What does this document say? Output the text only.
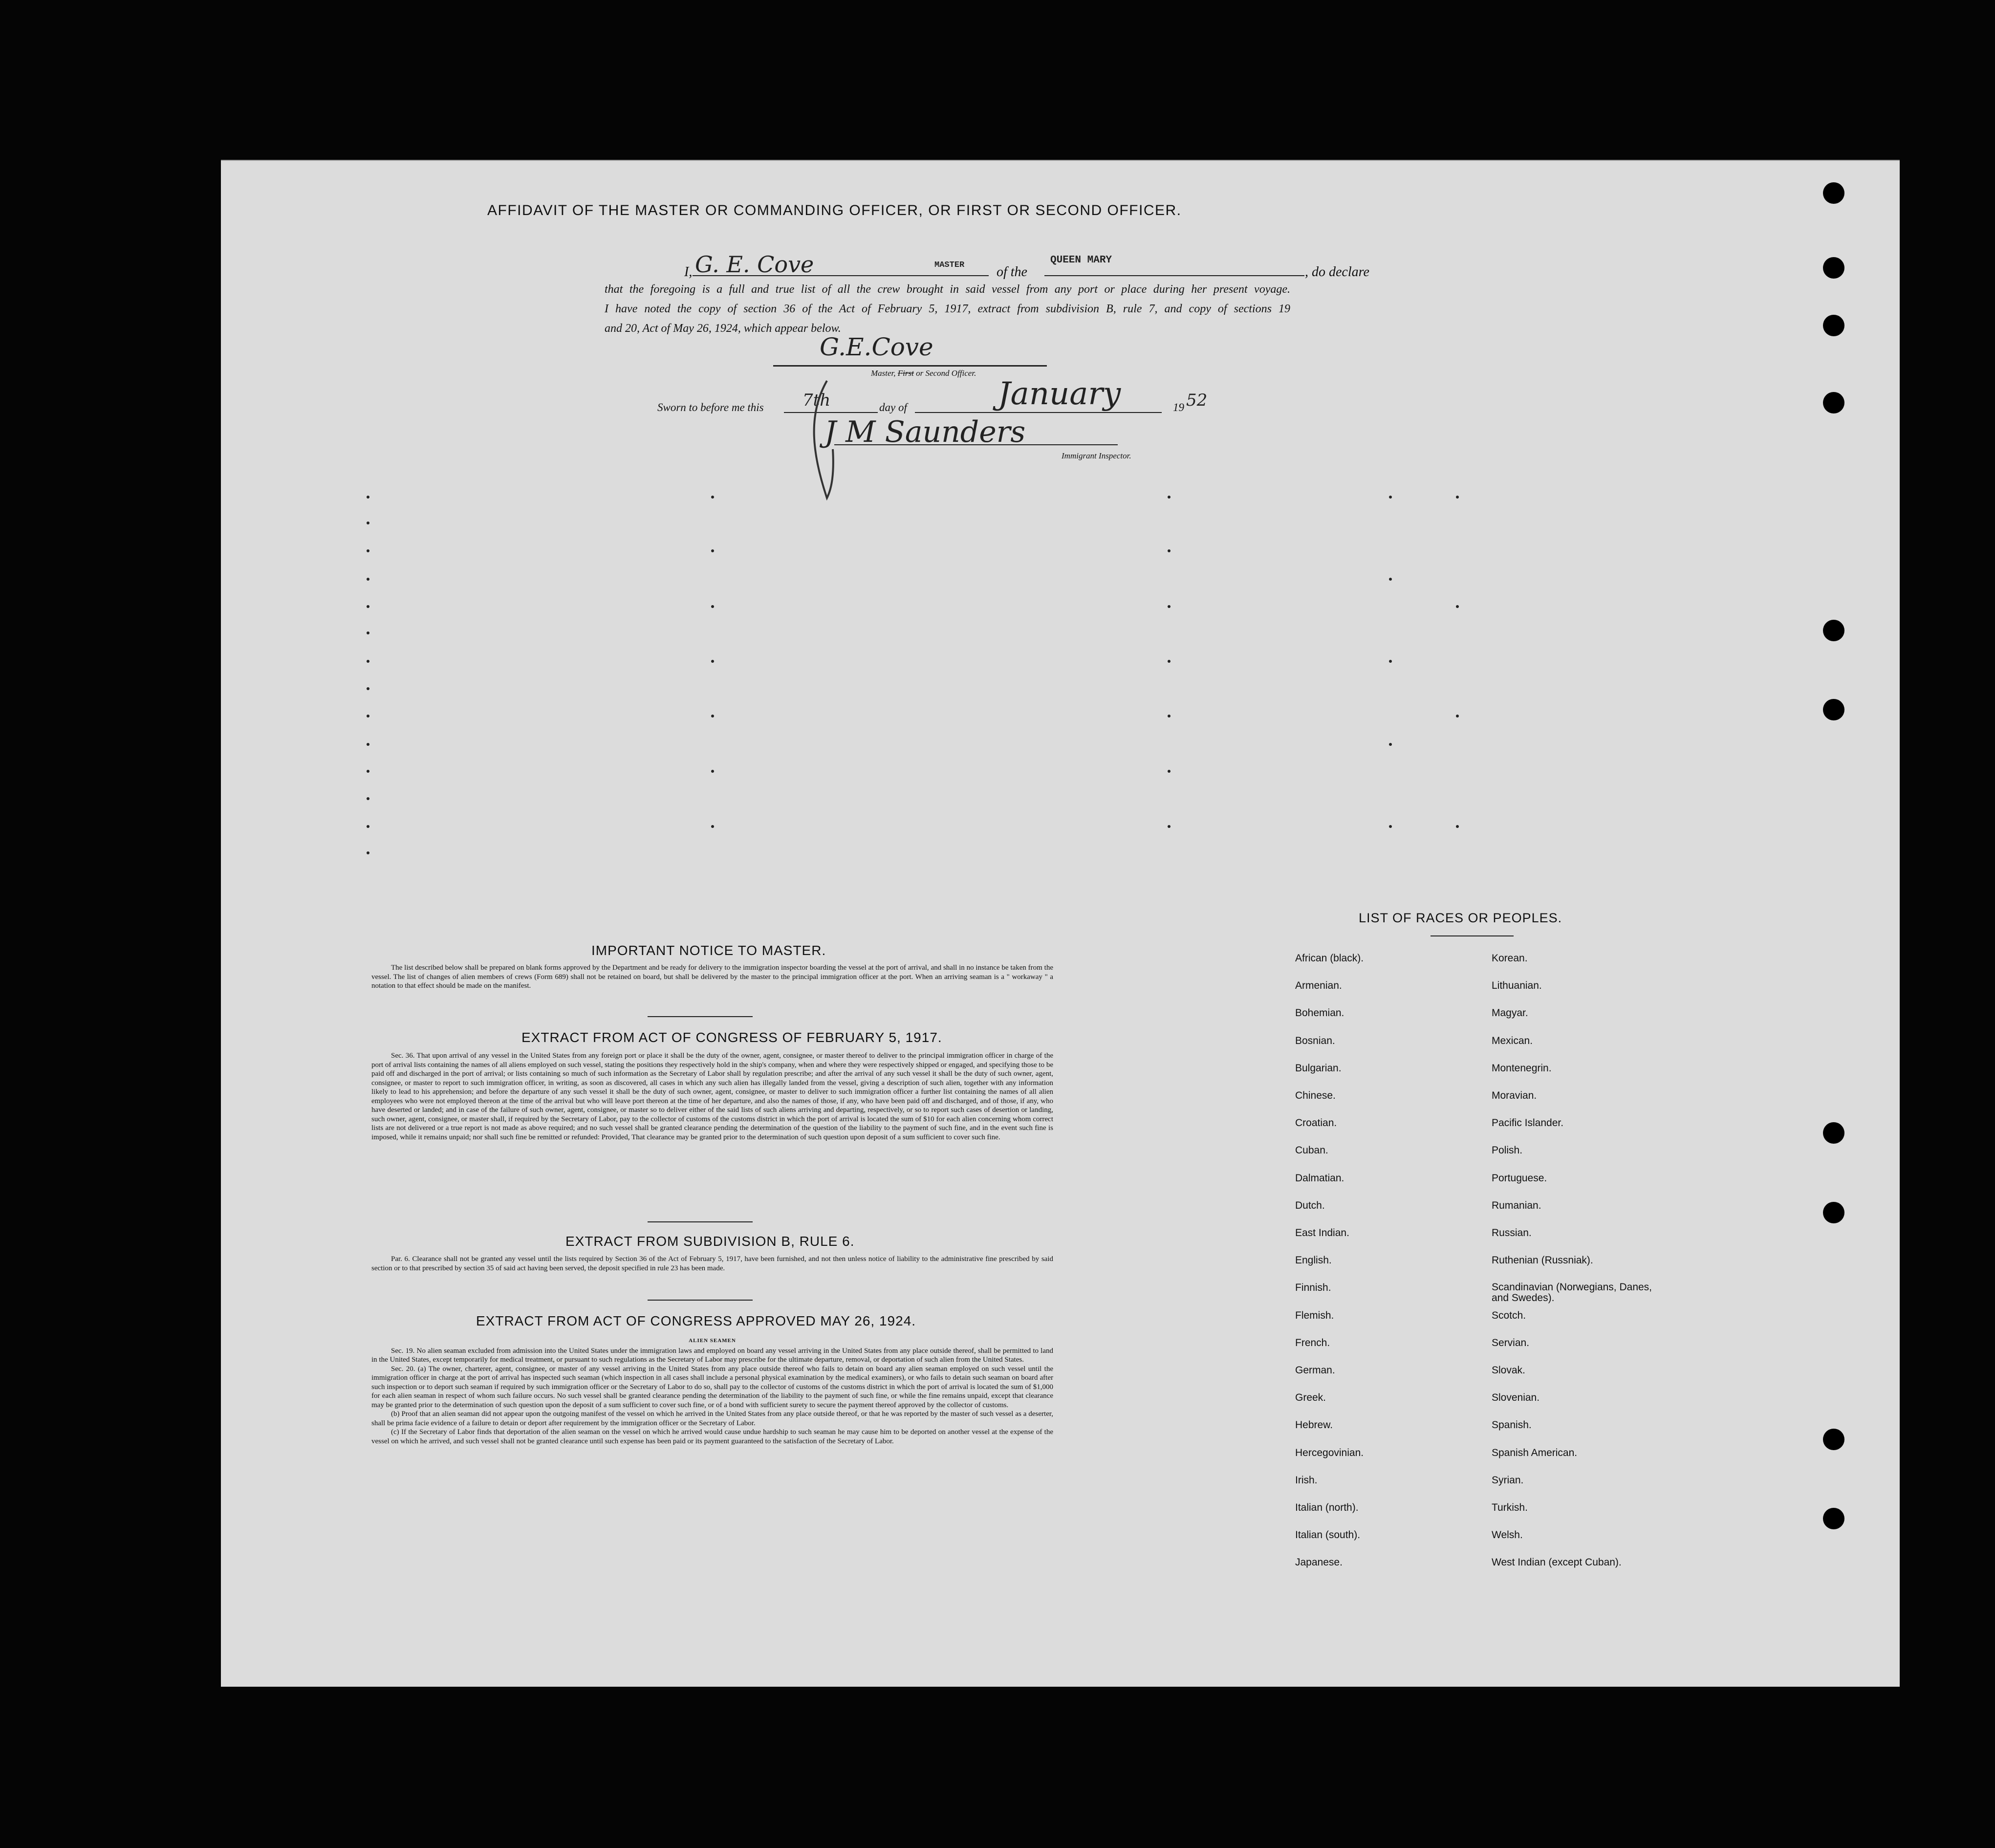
AFFIDAVIT OF THE MASTER OR COMMANDING OFFICER, OR FIRST OR SECOND OFFICER.
I, G. E. Cove	MASTER of the
QUEEN MARY
, do declare
that the foregoing is a full and true list of all the crew brought in said vessel from any port or place during her present voyage.
I have noted the copy of section 36 of the Act of February 5, 1917, extract from subdivision B, rule 7, and copy of sections 19
and 20, Act of May 26, 1924, which appear below.
G.E.Cove
Master, First or Second Officer.
Sworn to before me this 7th	day of	January	19 52
J M Saunders
Immigrant Inspector.
IMPORTANT NOTICE TO MASTER.

The list described below shall be prepared on blank forms approved by the Department and be ready for delivery to the immigration inspector boarding the vessel at the port of arrival, and shall in no instance be taken from the vessel. The list of changes of alien members of crews (Form 689) shall not be retained on board, but shall be delivered by the master to the principal immigration officer at the port. When an arriving seaman is a " workaway " a notation to that effect should be made on the manifest.

EXTRACT FROM ACT OF CONGRESS OF FEBRUARY 5, 1917.

Sec. 36. That upon arrival of any vessel in the United States from any foreign port or place it shall be the duty of the owner, agent, consignee, or master thereof to deliver to the principal immigration officer in charge of the port of arrival lists containing the names of all aliens employed on such vessel, stating the positions they respectively hold in the ship's company, when and where they were respectively shipped or engaged, and specifying those to be paid off and discharged in the port of arrival; or lists containing so much of such information as the Secretary of Labor shall by regulation prescribe; and after the arrival of any such vessel it shall be the duty of such owner, agent, consignee, or master to report to such immigration officer, in writing, as soon as discovered, all cases in which any such alien has illegally landed from the vessel, giving a description of such alien, together with any information likely to lead to his apprehension; and before the departure of any such vessel it shall be the duty of such owner, agent, consignee, or master to deliver to such immigration officer a further list containing the names of all alien employees who were not employed thereon at the time of the arrival but who will leave port thereon at the time of her departure, and also the names of those, if any, who have been paid off and discharged, and of those, if any, who have deserted or landed; and in case of the failure of such owner, agent, consignee, or master so to deliver either of the said lists of such aliens arriving and departing, respectively, or so to report such cases of desertion or landing, such owner, agent, consignee, or master shall, if required by the Secretary of Labor, pay to the collector of customs of the customs district in which the port of arrival is located the sum of $10 for each alien concerning whom correct lists are not delivered or a true report is not made as above required; and no such vessel shall be granted clearance pending the determination of the question of the liability to the payment of such fine, and in the event such fine is imposed, while it remains unpaid; nor shall such fine be remitted or refunded: Provided, That clearance may be granted prior to the determination of such question upon deposit of a sum sufficient to cover such fine.

EXTRACT FROM SUBDIVISION B, RULE 6.

Par. 6. Clearance shall not be granted any vessel until the lists required by Section 36 of the Act of February 5, 1917, have been furnished, and not then unless notice of liability to the administrative fine prescribed by said section or to that prescribed by section 35 of said act having been served, the deposit specified in rule 23 has been made.

EXTRACT FROM ACT OF CONGRESS APPROVED MAY 26, 1924.
ALIEN SEAMEN

Sec. 19. No alien seaman excluded from admission into the United States under the immigration laws and employed on board any vessel arriving in the United States from any place outside thereof, shall be permitted to land in the United States, except temporarily for medical treatment, or pursuant to such regulations as the Secretary of Labor may prescribe for the ultimate departure, removal, or deportation of such alien from the United States.

Sec. 20. (a) The owner, charterer, agent, consignee, or master of any vessel arriving in the United States from any place outside thereof who fails to detain on board any alien seaman employed on such vessel until the immigration officer in charge at the port of arrival has inspected such seaman (which inspection in all cases shall include a personal physical examination by the medical examiners), or who fails to detain such seaman on board after such inspection or to deport such seaman if required by such immigration officer or the Secretary of Labor to do so, shall pay to the collector of customs of the customs district in which the port of arrival is located the sum of $1,000 for each alien seaman in respect of whom such failure occurs. No such vessel shall be granted clearance pending the determination of the liability to the payment of such fine, or while the fine remains unpaid, except that clearance may be granted prior to the determination of such question upon the deposit of a sum sufficient to cover such fine, or of a bond with sufficient surety to secure the payment thereof approved by the collector of customs.

(b) Proof that an alien seaman did not appear upon the outgoing manifest of the vessel on which he arrived in the United States from any place outside thereof, or that he was reported by the master of such vessel as a deserter, shall be prima facie evidence of a failure to detain or deport after requirement by the immigration officer or the Secretary of Labor.

(c) If the Secretary of Labor finds that deportation of the alien seaman on the vessel on which he arrived would cause undue hardship to such seaman he may cause him to be deported on another vessel at the expense of the vessel on which he arrived, and such vessel shall not be granted clearance until such expense has been paid or its payment guaranteed to the satisfaction of the Secretary of Labor.

LIST OF RACES OR PEOPLES.
African (black).
Armenian.
Bohemian.
Bosnian.
Bulgarian.
Chinese.
Croatian.
Cuban.
Dalmatian.
Dutch.
East Indian.
English.
Finnish.
Flemish.
French.
German.
Greek.
Hebrew.
Hercegovinian.
Irish.
Italian (north).
Italian (south).
Japanese.
Korean.
Lithuanian.
Magyar.
Mexican.
Montenegrin.
Moravian.
Pacific Islander.
Polish.
Portuguese.
Rumanian.
Russian.
Ruthenian (Russniak).
Scandinavian (Norwegians, Danes, and Swedes).
Scotch.
Servian.
Slovak.
Slovenian.
Spanish.
Spanish American.
Syrian.
Turkish.
Welsh.
West Indian (except Cuban).
